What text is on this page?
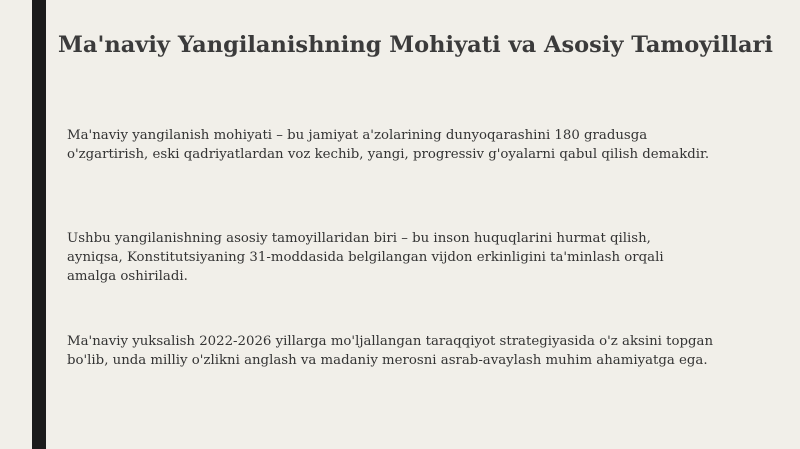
Ma'naviy Yangilanishning Mohiyati va Asosiy Tamoyillari

Ma'naviy yangilanish mohiyati – bu jamiyat a'zolarining dunyoqarashini 180 gradusga
o'zgartirish, eski qadriyatlardan voz kechib, yangi, progressiv g'oyalarni qabul qilish demakdir.

Ushbu yangilanishning asosiy tamoyillaridan biri – bu inson huquqlarini hurmat qilish,
ayniqsa, Konstitutsiyaning 31-moddasida belgilangan vijdon erkinligini ta'minlash orqali
amalga oshiriladi.

Ma'naviy yuksalish 2022-2026 yillarga mo'ljallangan taraqqiyot strategiyasida o'z aksini topgan
bo'lib, unda milliy o'zlikni anglash va madaniy merosni asrab-avaylash muhim ahamiyatga ega.
